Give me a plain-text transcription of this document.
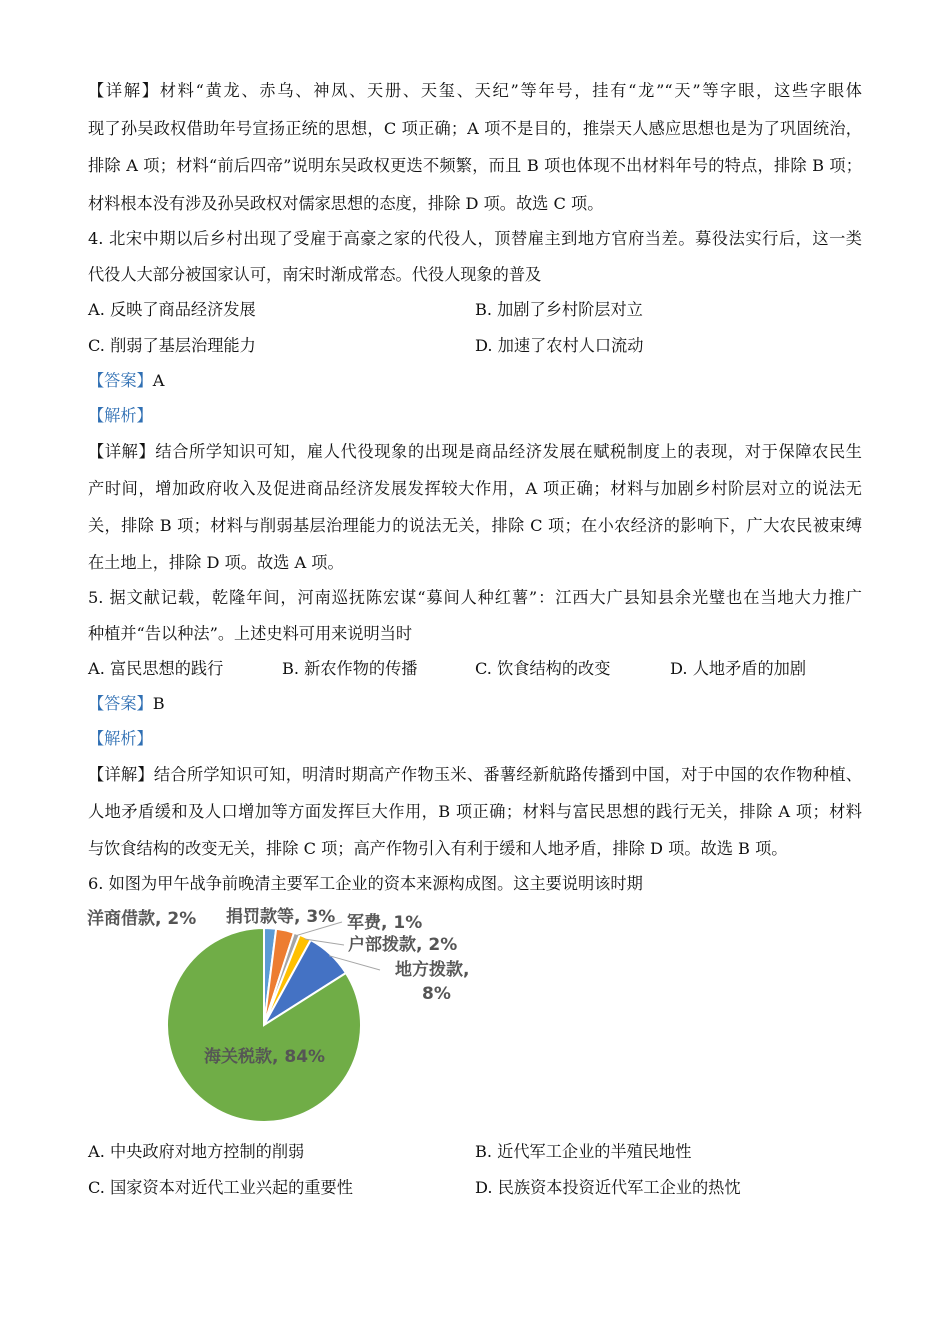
【详解】材料“黄龙、赤乌、神凤、天册、天玺、天纪”等年号，挂有“龙”“天”等字眼，这些字眼体
现了孙吴政权借助年号宣扬正统的思想，C 项正确；A 项不是目的，推崇天人感应思想也是为了巩固统治，
排除 A 项；材料“前后四帝”说明东吴政权更迭不频繁，而且 B 项也体现不出材料年号的特点，排除 B 项；
材料根本没有涉及孙吴政权对儒家思想的态度，排除 D 项。故选 C 项。
4. 北宋中期以后乡村出现了受雇于高豪之家的代役人，顶替雇主到地方官府当差。募役法实行后，这一类
代役人大部分被国家认可，南宋时渐成常态。代役人现象的普及
A. 反映了商品经济发展	B. 加剧了乡村阶层对立
C. 削弱了基层治理能力	D. 加速了农村人口流动
【答案】A
【解析】
【详解】结合所学知识可知，雇人代役现象的出现是商品经济发展在赋税制度上的表现，对于保障农民生
产时间，增加政府收入及促进商品经济发展发挥较大作用，A 项正确；材料与加剧乡村阶层对立的说法无
关，排除 B 项；材料与削弱基层治理能力的说法无关，排除 C 项；在小农经济的影响下，广大农民被束缚
在土地上，排除 D 项。故选 A 项。
5. 据文献记载，乾隆年间，河南巡抚陈宏谋“募间人种红薯”：江西大广县知县余光璧也在当地大力推广
种植并“告以种法”。上述史料可用来说明当时
A. 富民思想的践行	B. 新农作物的传播	C. 饮食结构的改变	D. 人地矛盾的加剧
【答案】B
【解析】
【详解】结合所学知识可知，明清时期高产作物玉米、番薯经新航路传播到中国，对于中国的农作物种植、
人地矛盾缓和及人口增加等方面发挥巨大作用，B 项正确；材料与富民思想的践行无关，排除 A 项；材料
与饮食结构的改变无关，排除 C 项；高产作物引入有利于缓和人地矛盾，排除 D 项。故选 B 项。
6. 如图为甲午战争前晚清主要军工企业的资本来源构成图。这主要说明该时期
洋商借款, 2% 捐罚款等, 3% 军费, 1%
户部拨款, 2%
地方拨款,
8%
海关税款, 84%
A. 中央政府对地方控制的削弱	B. 近代军工企业的半殖民地性
C. 国家资本对近代工业兴起的重要性	D. 民族资本投资近代军工企业的热忱
